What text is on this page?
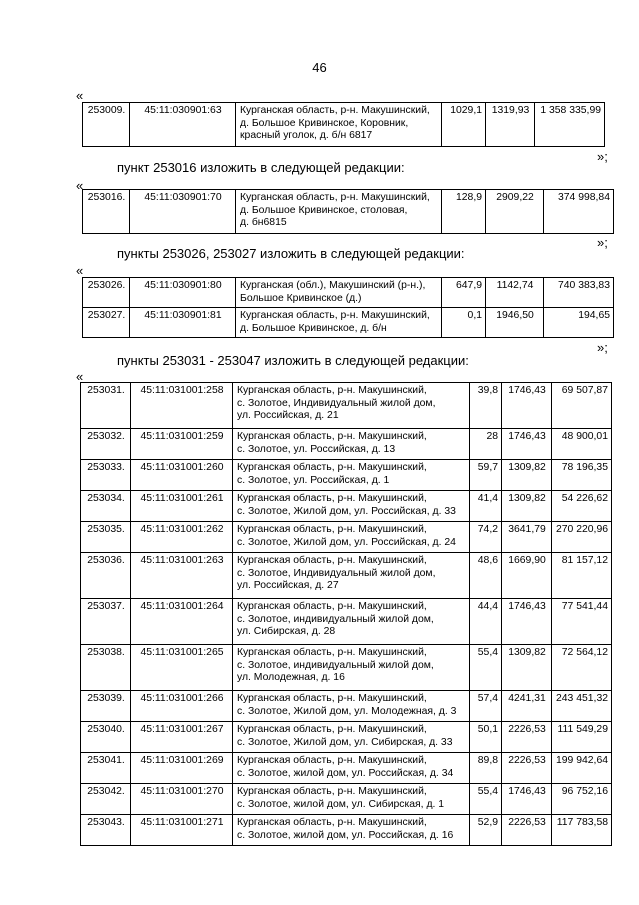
46
«
253009.	45:11:030901:63	Курганская область, р-н. Макушинский,
д. Большое Кривинское, Коровник,
красный уголок, д. б/н 6817	1029,1	1319,93	1 358 335,99
»;
пункт 253016 изложить в следующей редакции:
«
253016.	45:11:030901:70	Курганская область, р-н. Макушинский,
д. Большое Кривинское, столовая,
д. бн6815	128,9	2909,22	374 998,84
»;
пункты 253026, 253027 изложить в следующей редакции:
«
253026.	45:11:030901:80	Курганская (обл.), Макушинский (р-н.),
Большое Кривинское (д.)	647,9	1142,74	740 383,83
253027.	45:11:030901:81	Курганская область, р-н. Макушинский,
д. Большое Кривинское, д. б/н	0,1	1946,50	194,65
»;
пункты 253031 - 253047 изложить в следующей редакции:
«
253031.	45:11:031001:258	Курганская область, р-н. Макушинский,
с. Золотое, Индивидуальный жилой дом,
ул. Российская, д. 21	39,8	1746,43	69 507,87
253032.	45:11:031001:259	Курганская область, р-н. Макушинский,
с. Золотое, ул. Российская, д. 13	28	1746,43	48 900,01
253033.	45:11:031001:260	Курганская область, р-н. Макушинский,
с. Золотое, ул. Российская, д. 1	59,7	1309,82	78 196,35
253034.	45:11:031001:261	Курганская область, р-н. Макушинский,
с. Золотое, Жилой дом, ул. Российская, д. 33	41,4	1309,82	54 226,62
253035.	45:11:031001:262	Курганская область, р-н. Макушинский,
с. Золотое, Жилой дом, ул. Российская, д. 24	74,2	3641,79	270 220,96
253036.	45:11:031001:263	Курганская область, р-н. Макушинский,
с. Золотое, Индивидуальный жилой дом,
ул. Российская, д. 27	48,6	1669,90	81 157,12
253037.	45:11:031001:264	Курганская область, р-н. Макушинский,
с. Золотое, индивидуальный жилой дом,
ул. Сибирская, д. 28	44,4	1746,43	77 541,44
253038.	45:11:031001:265	Курганская область, р-н. Макушинский,
с. Золотое, индивидуальный жилой дом,
ул. Молодежная, д. 16	55,4	1309,82	72 564,12
253039.	45:11:031001:266	Курганская область, р-н. Макушинский,
с. Золотое, Жилой дом, ул. Молодежная, д. 3	57,4	4241,31	243 451,32
253040.	45:11:031001:267	Курганская область, р-н. Макушинский,
с. Золотое, Жилой дом, ул. Сибирская, д. 33	50,1	2226,53	111 549,29
253041.	45:11:031001:269	Курганская область, р-н. Макушинский,
с. Золотое, жилой дом, ул. Российская, д. 34	89,8	2226,53	199 942,64
253042.	45:11:031001:270	Курганская область, р-н. Макушинский,
с. Золотое, жилой дом, ул. Сибирская, д. 1	55,4	1746,43	96 752,16
253043.	45:11:031001:271	Курганская область, р-н. Макушинский,
с. Золотое, жилой дом, ул. Российская, д. 16	52,9	2226,53	117 783,58
